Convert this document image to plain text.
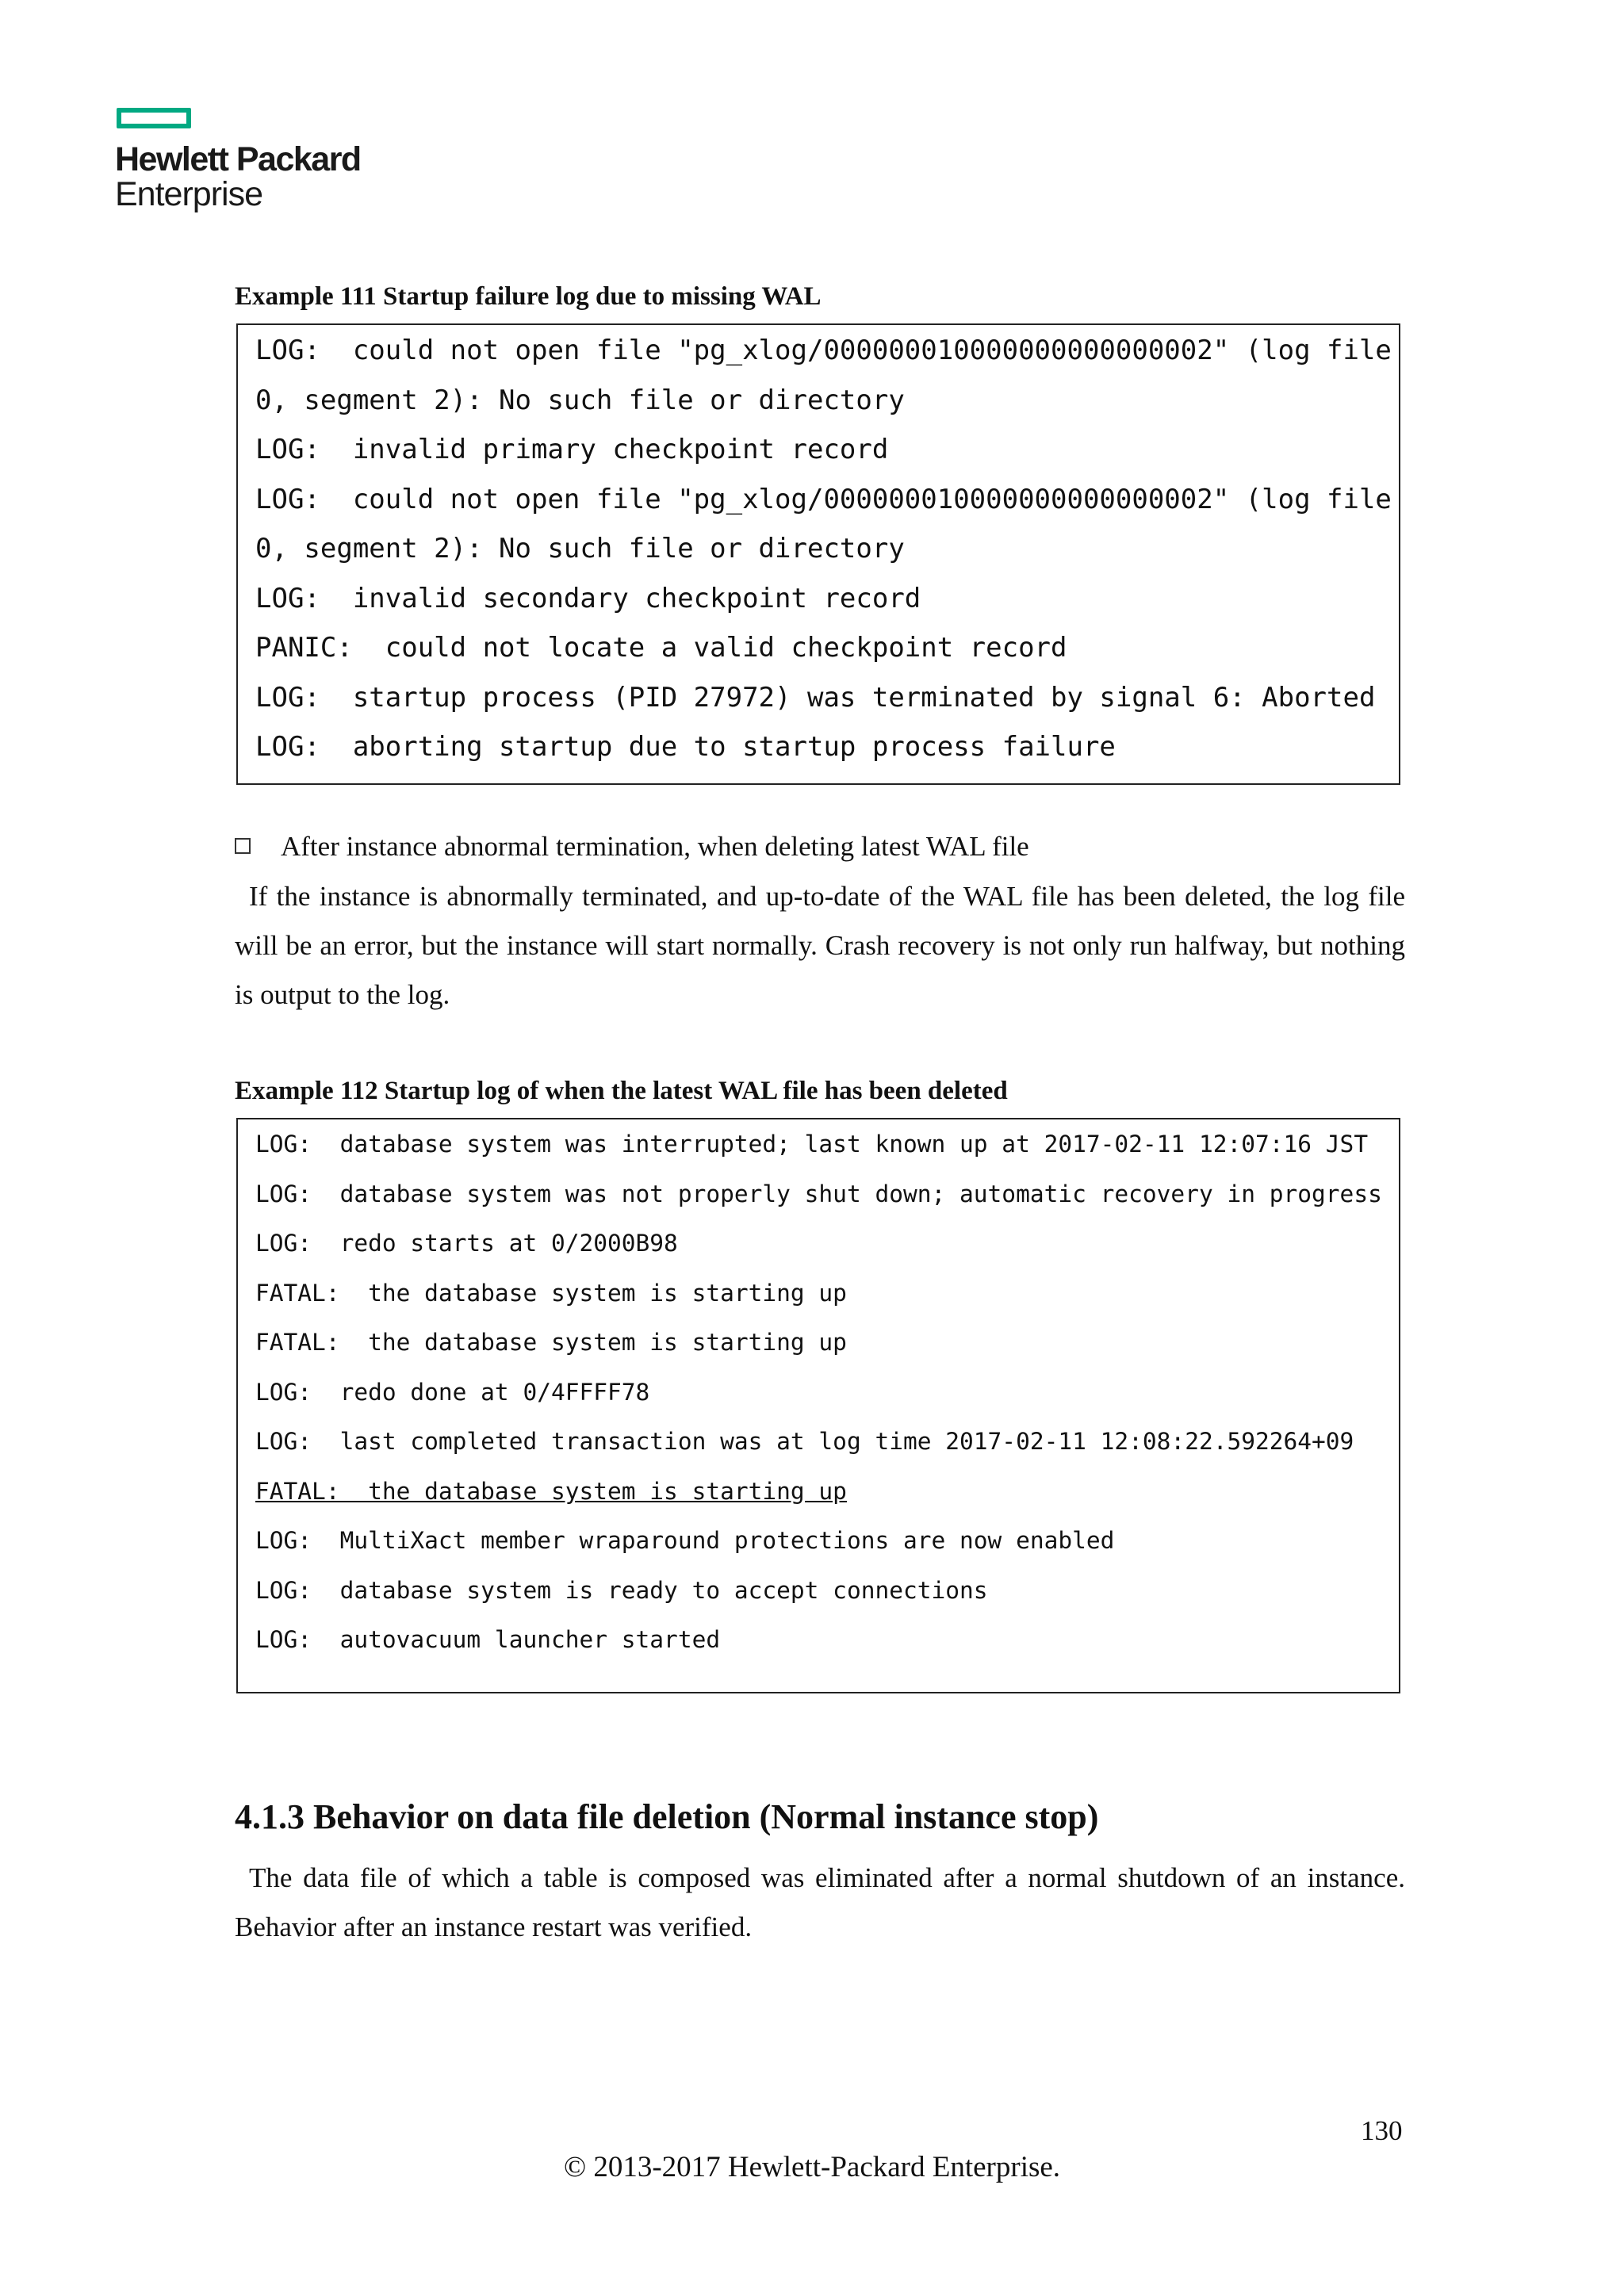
Hewlett Packard
Enterprise
Example 111 Startup failure log due to missing WAL
LOG:  could not open file "pg_xlog/000000010000000000000002" (log file
0, segment 2): No such file or directory
LOG:  invalid primary checkpoint record
LOG:  could not open file "pg_xlog/000000010000000000000002" (log file
0, segment 2): No such file or directory
LOG:  invalid secondary checkpoint record
PANIC:  could not locate a valid checkpoint record
LOG:  startup process (PID 27972) was terminated by signal 6: Aborted
LOG:  aborting startup due to startup process failure
After instance abnormal termination, when deleting latest WAL file
If the instance is abnormally terminated, and up-to-date of the WAL file has been deleted, the log file will be an error, but the instance will start normally. Crash recovery is not only run halfway, but nothing is output to the log.
Example 112 Startup log of when the latest WAL file has been deleted
LOG:  database system was interrupted; last known up at 2017-02-11 12:07:16 JST
LOG:  database system was not properly shut down; automatic recovery in progress
LOG:  redo starts at 0/2000B98
FATAL:  the database system is starting up
FATAL:  the database system is starting up
LOG:  redo done at 0/4FFFF78
LOG:  last completed transaction was at log time 2017-02-11 12:08:22.592264+09
FATAL:  the database system is starting up
LOG:  MultiXact member wraparound protections are now enabled
LOG:  database system is ready to accept connections
LOG:  autovacuum launcher started
4.1.3 Behavior on data file deletion (Normal instance stop)
The data file of which a table is composed was eliminated after a normal shutdown of an instance. Behavior after an instance restart was verified.
130
© 2013-2017 Hewlett-Packard Enterprise.
